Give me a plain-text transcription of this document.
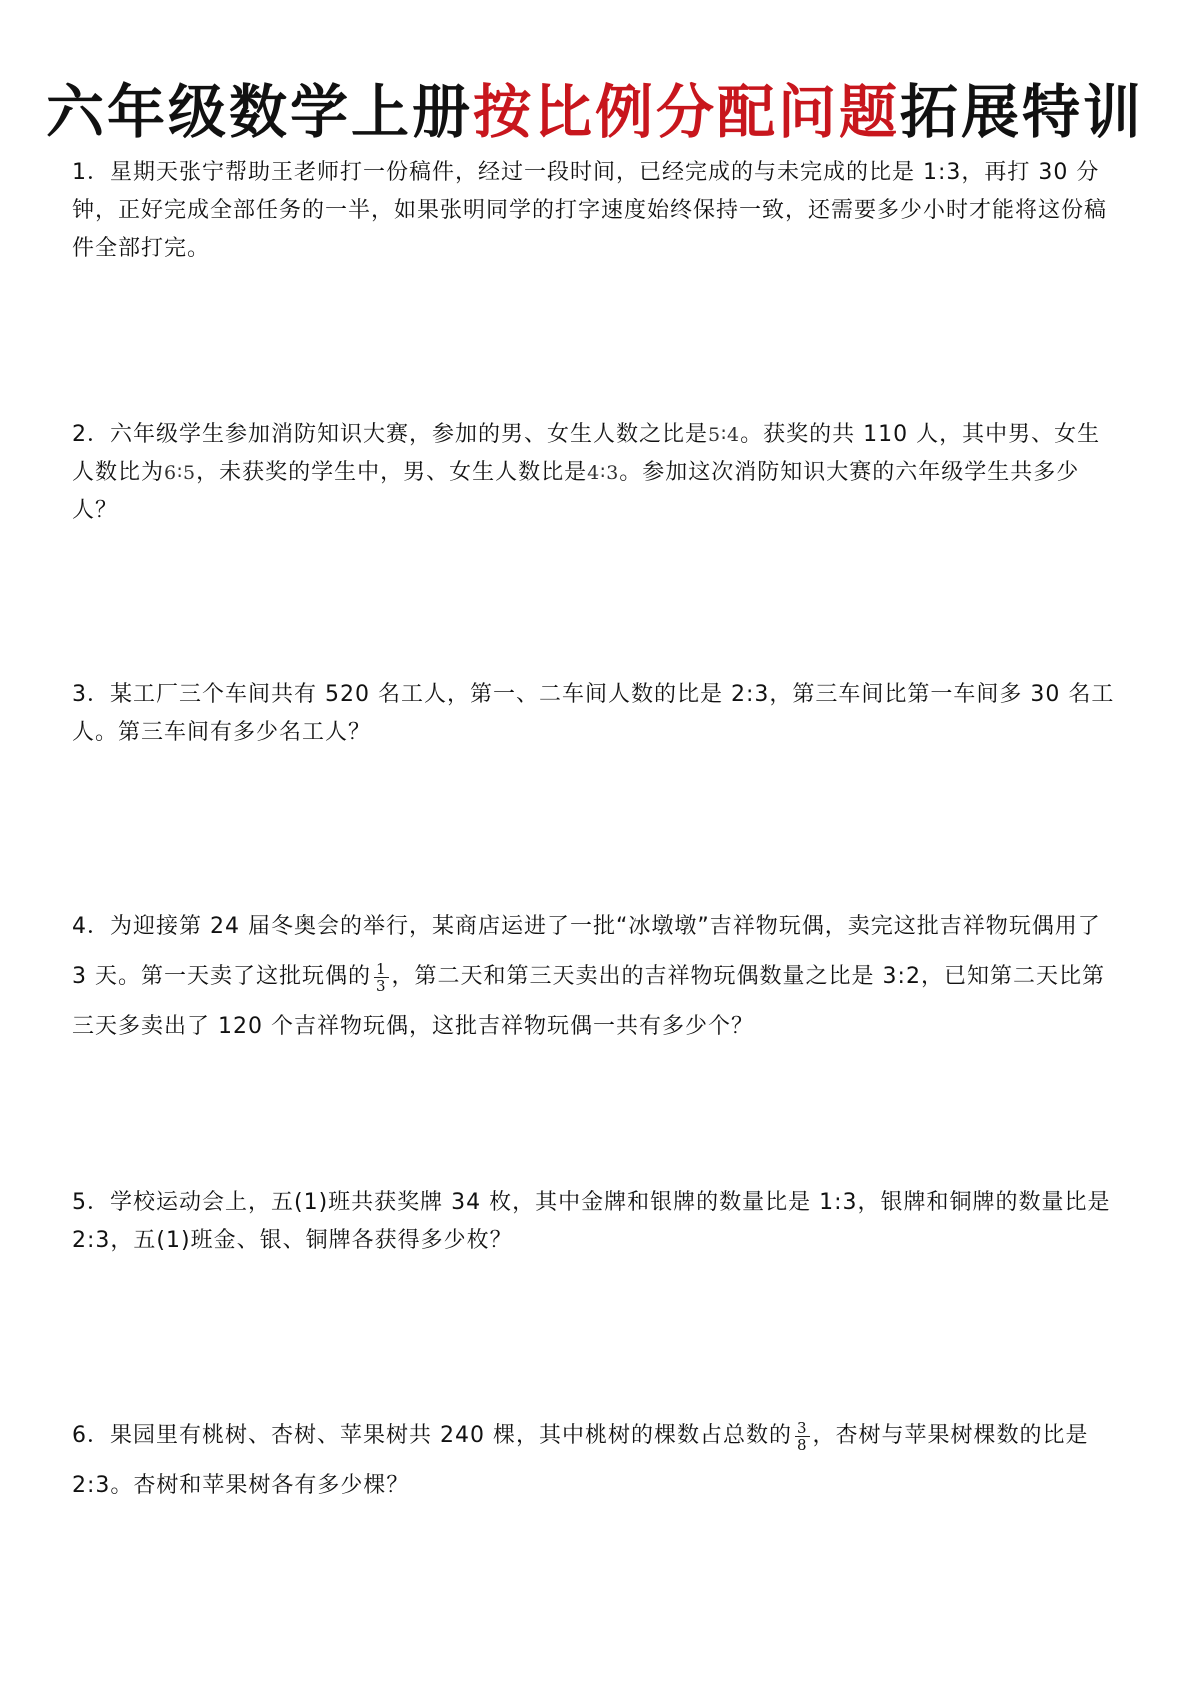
六年级数学上册按比例分配问题拓展特训

1．星期天张宁帮助王老师打一份稿件，经过一段时间，已经完成的与未完成的比是 1:3，再打 30 分钟，正好完成全部任务的一半，如果张明同学的打字速度始终保持一致，还需要多少小时才能将这份稿件全部打完。

2．六年级学生参加消防知识大赛，参加的男、女生人数之比是5∶4。获奖的共 110 人，其中男、女生人数比为6∶5，未获奖的学生中，男、女生人数比是4∶3。参加这次消防知识大赛的六年级学生共多少人？

3．某工厂三个车间共有 520 名工人，第一、二车间人数的比是 2:3，第三车间比第一车间多 30 名工人。第三车间有多少名工人？

4．为迎接第 24 届冬奥会的举行，某商店运进了一批“冰墩墩”吉祥物玩偶，卖完这批吉祥物玩偶用了 3 天。第一天卖了这批玩偶的 $\frac{1}{3}$ ，第二天和第三天卖出的吉祥物玩偶数量之比是 3:2，已知第二天比第三天多卖出了 120 个吉祥物玩偶，这批吉祥物玩偶一共有多少个？

5．学校运动会上，五(1)班共获奖牌 34 枚，其中金牌和银牌的数量比是 1:3，银牌和铜牌的数量比是 2:3，五(1)班金、银、铜牌各获得多少枚？

6．果园里有桃树、杏树、苹果树共 240 棵，其中桃树的棵数占总数的 $\frac{3}{8}$ ，杏树与苹果树棵数的比是 2:3。杏树和苹果树各有多少棵？
